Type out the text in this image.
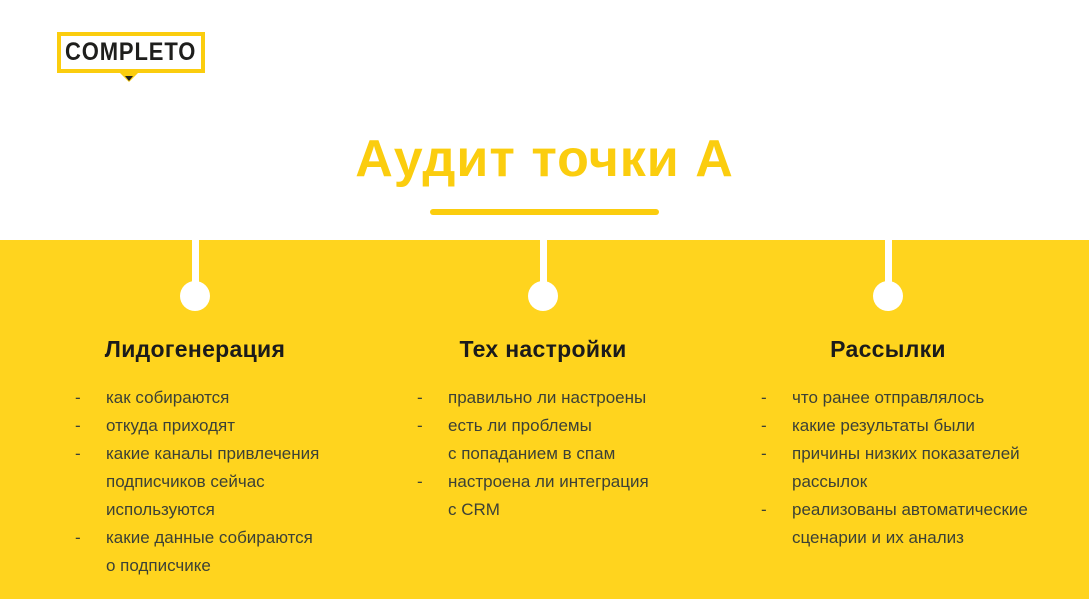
COMPLETO
Аудит точки А
Лидогенерация	Тех настройки	Рассылки
-	как собираются
-	откуда приходят
-	какие каналы привлечения
подписчиков сейчас
используются
-	какие данные собираются
о подписчике
-	правильно ли настроены
-	есть ли проблемы
с попаданием в спам
-	настроена ли интеграция
с CRM
-	что ранее отправлялось
-	какие результаты были
-	причины низких показателей
рассылок
-	реализованы автоматические
сценарии и их анализ
